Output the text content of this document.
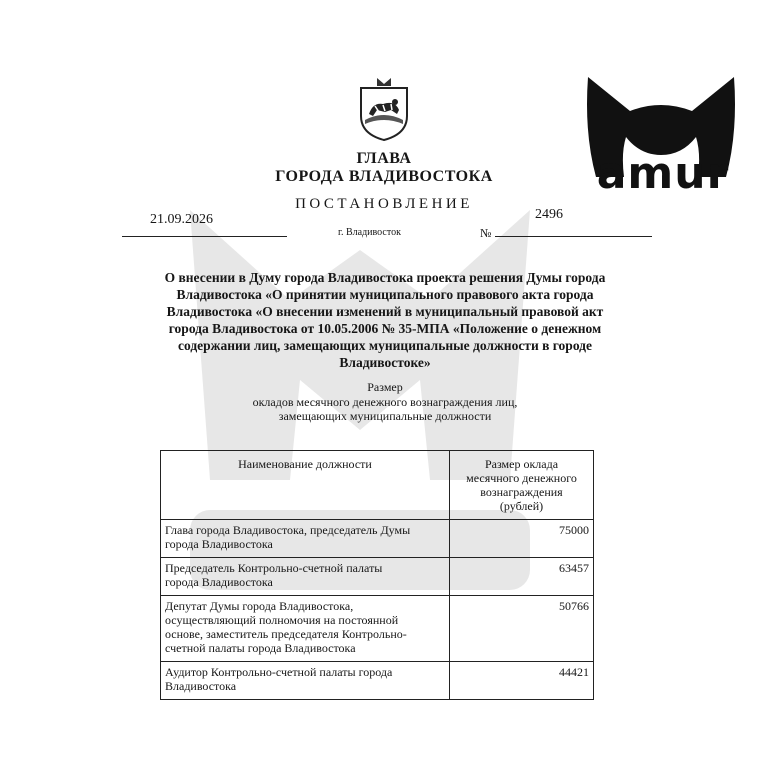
amur
ГЛАВА
ГОРОДА ВЛАДИВОСТОКА
ПОСТАНОВЛЕНИЕ
21.09.2026
г. Владивосток	№
2496
О внесении в Думу города Владивостока проекта решения Думы города
Владивостока «О принятии муниципального правового акта города
Владивостока «О внесении изменений в муниципальный правовой акт
города Владивостока от 10.05.2006 № 35-МПА «Положение о денежном
содержании лиц, замещающих муниципальные должности в городе
Владивостоке»
Размер
окладов месячного денежного вознаграждения лиц,
замещающих муниципальные должности
Наименование должности	Размер оклада
месячного денежного
вознаграждения
(рублей)

Глава города Владивостока, председатель Думы
города Владивостока	75000

Председатель Контрольно-счетной палаты
города Владивостока	63457

Депутат Думы города Владивостока,
осуществляющий полномочия на постоянной
основе, заместитель председателя Контрольно-
счетной палаты города Владивостока	50766

Аудитор Контрольно-счетной палаты города
Владивостока	44421
